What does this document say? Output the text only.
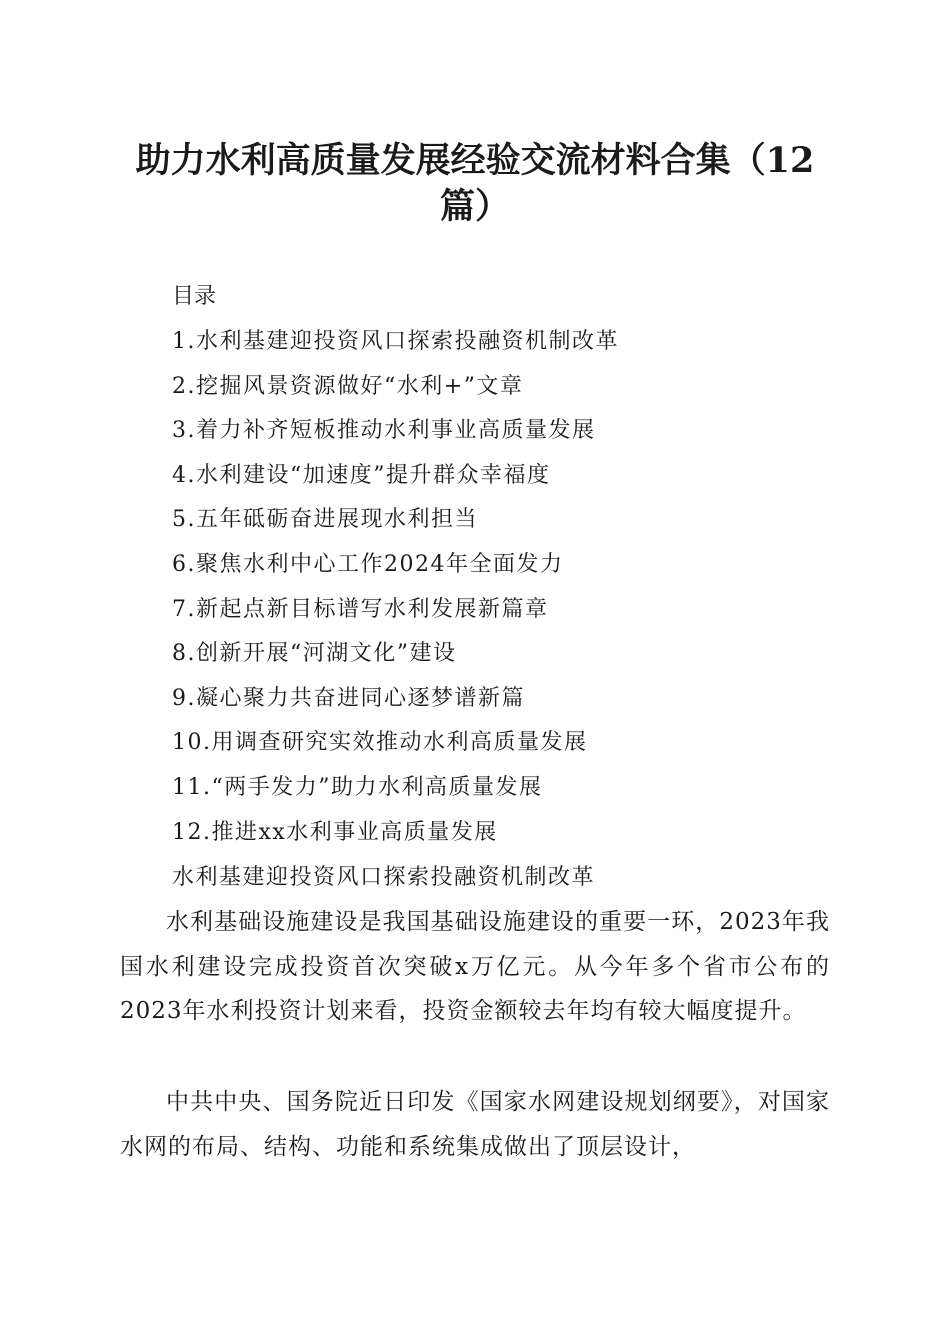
助力水利高质量发展经验交流材料合集（12篇）
目录
1.水利基建迎投资风口探索投融资机制改革
2.挖掘风景资源做好“水利+”文章
3.着力补齐短板推动水利事业高质量发展
4.水利建设“加速度”提升群众幸福度
5.五年砥砺奋进展现水利担当
6.聚焦水利中心工作2024年全面发力
7.新起点新目标谱写水利发展新篇章
8.创新开展“河湖文化”建设
9.凝心聚力共奋进同心逐梦谱新篇
10.用调查研究实效推动水利高质量发展
11.“两手发力”助力水利高质量发展
12.推进xx水利事业高质量发展
水利基建迎投资风口探索投融资机制改革

水利基础设施建设是我国基础设施建设的重要一环，2023年我国水利建设完成投资首次突破x万亿元。从今年多个省市公布的2023年水利投资计划来看，投资金额较去年均有较大幅度提升。

中共中央、国务院近日印发《国家水网建设规划纲要》，对国家水网的布局、结构、功能和系统集成做出了顶层设计，
